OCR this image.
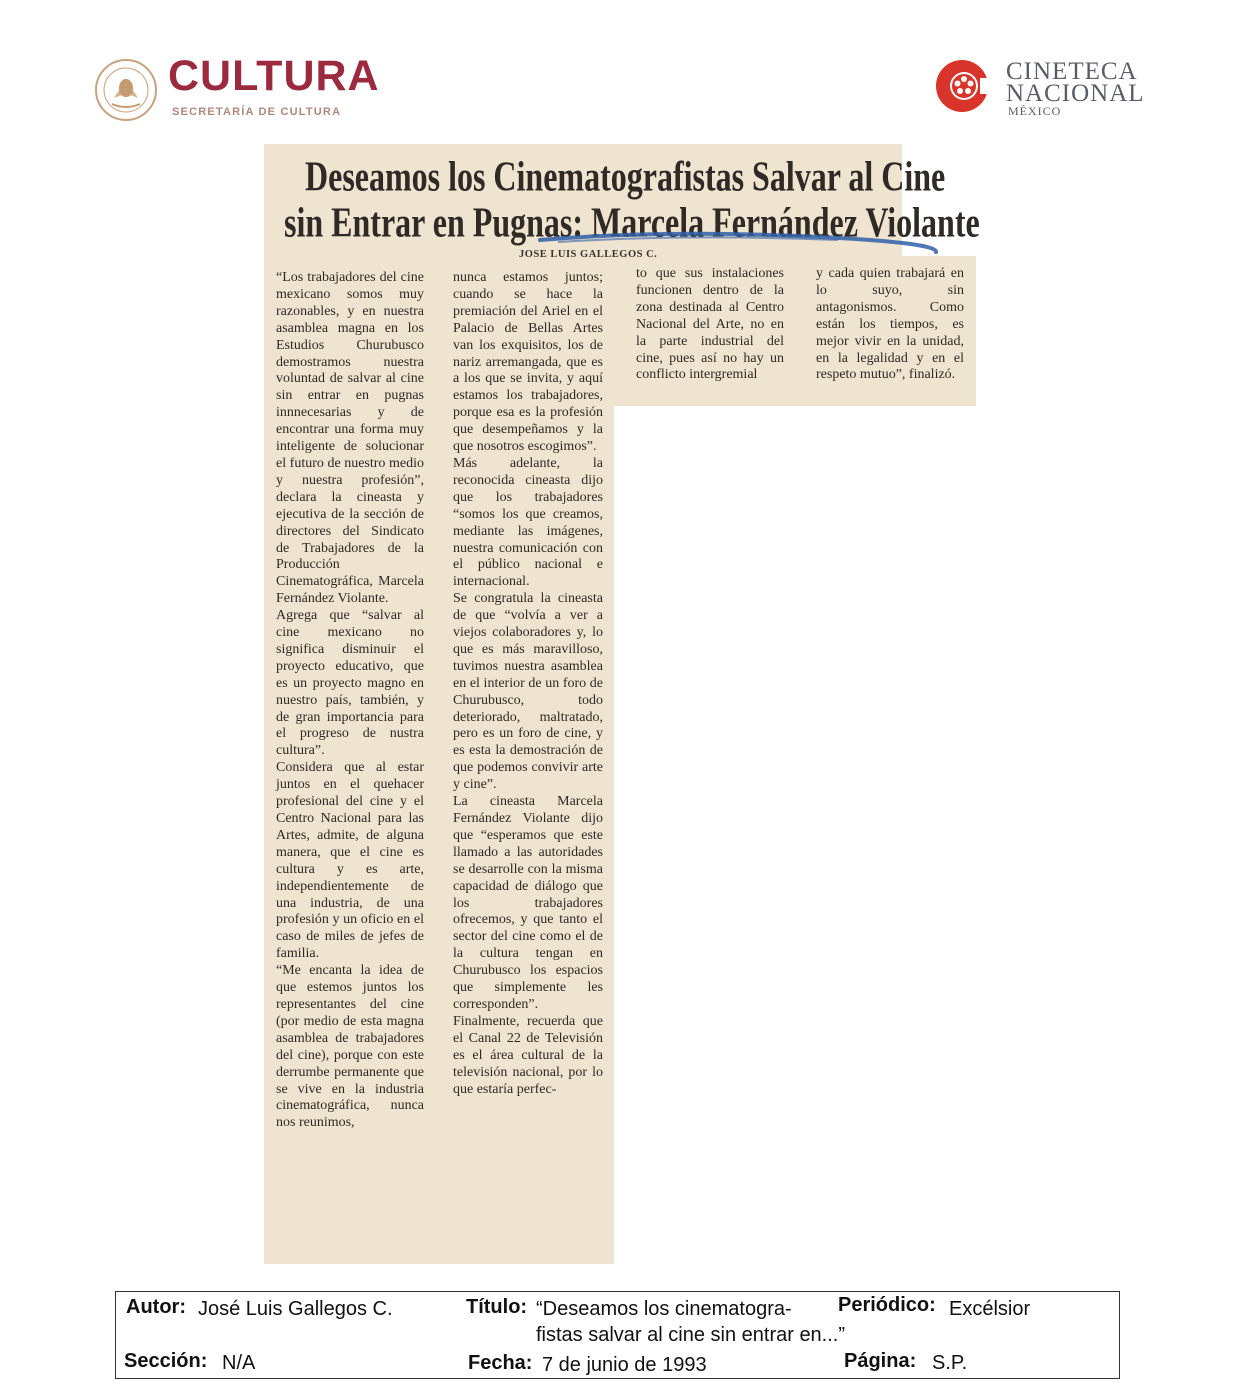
CULTURA
SECRETARÍA DE CULTURA
CINETECA
NACIONAL
MÉXICO
Deseamos los Cinematografistas Salvar al Cine
sin Entrar en Pugnas: Marcela Fernández Violante
JOSE LUIS GALLEGOS C.
“Los trabajadores del cine mexicano somos muy razonables, y en nuestra asamblea magna en los Estudios Churubusco demostramos nuestra voluntad de salvar al cine sin entrar en pugnas innnecesarias y de encontrar una forma muy inteligente de solucionar el futuro de nuestro medio y nuestra profesión”, declara la cineasta y ejecutiva de la sección de directores del Sindicato de Trabajadores de la Producción Cinematográfica, Marcela Fernández Violante.
Agrega que “salvar al cine mexicano no significa disminuir el proyecto educativo, que es un proyecto magno en nuestro país, también, y de gran importancia para el progreso de nustra cultura”.
Considera que al estar juntos en el quehacer profesional del cine y el Centro Nacional para las Artes, admite, de alguna manera, que el cine es cultura y es arte, independientemente de una industria, de una profesión y un oficio en el caso de miles de jefes de familia.
“Me encanta la idea de que estemos juntos los representantes del cine (por medio de esta magna asamblea de trabajadores del cine), porque con este derrumbe permanente que se vive en la industria cinematográfica, nunca nos reunimos,
nunca estamos juntos; cuando se hace la premiación del Ariel en el Palacio de Bellas Artes van los exquisitos, los de nariz arremangada, que es a los que se invita, y aquí estamos los trabajadores, porque esa es la profesión que desempeñamos y la que nosotros escogimos”.
Más adelante, la reconocida cineasta dijo que los trabajadores “somos los que creamos, mediante las imágenes, nuestra comunicación con el público nacional e internacional.
Se congratula la cineasta de que “volvía a ver a viejos colaboradores y, lo que es más maravilloso, tuvimos nuestra asamblea en el interior de un foro de Churubusco, todo deteriorado, maltratado, pero es un foro de cine, y es esta la demostración de que podemos convivir arte y cine”.
La cineasta Marcela Fernández Violante dijo que “esperamos que este llamado a las autoridades se desarrolle con la misma capacidad de diálogo que los trabajadores ofrecemos, y que tanto el sector del cine como el de la cultura tengan en Churubusco los espacios que simplemente les corresponden”.
Finalmente, recuerda que el Canal 22 de Televisión es el área cultural de la televisión nacional, por lo que estaría perfec-
to que sus instalaciones funcionen dentro de la zona destinada al Centro Nacional del Arte, no en la parte industrial del cine, pues así no hay un conflicto intergremial
y cada quien trabajará en lo suyo, sin antagonismos. Como están los tiempos, es mejor vivir en la unidad, en la legalidad y en el respeto mutuo”, finalizó.
Autor: José Luis Gallegos C.	Título: “Deseamos los cinematogra-
fistas salvar al cine sin entrar en...”
Periódico: Excélsior
Sección: N/A	Fecha: 7 de junio de 1993	Página: S.P.
